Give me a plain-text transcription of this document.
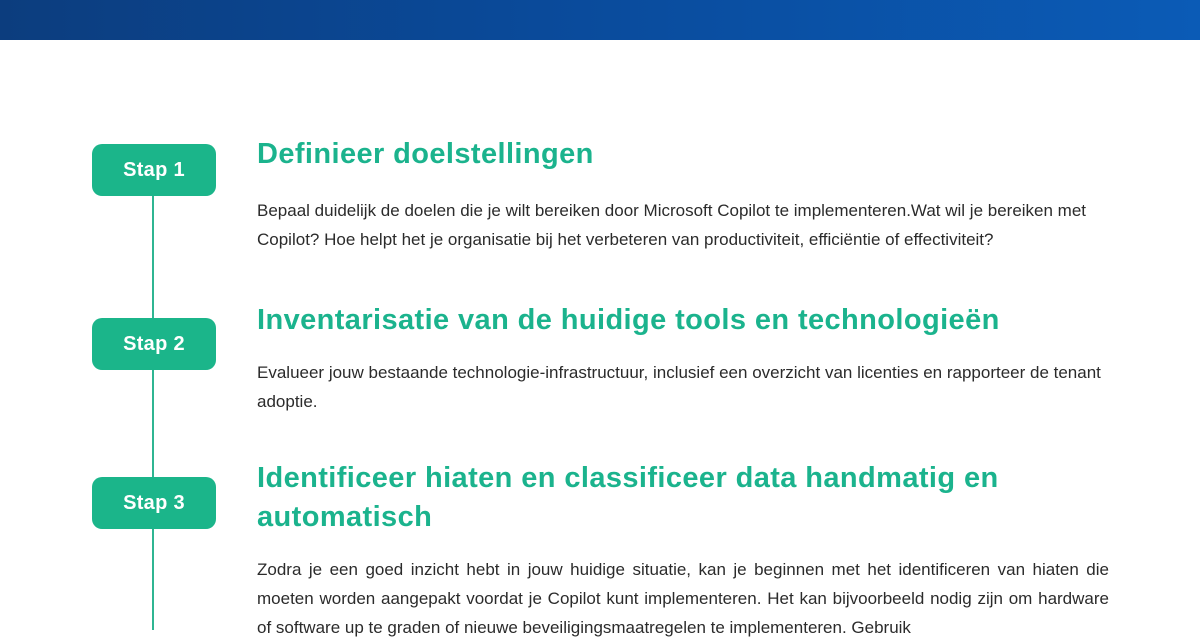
Stap 1	Definieer doelstellingen

Bepaal duidelijk de doelen die je wilt bereiken door Microsoft Copilot te implementeren.Wat wil je bereiken met Copilot? Hoe helpt het je organisatie bij het verbeteren van productiviteit, efficiëntie of effectiviteit?

Stap 2
Inventarisatie van de huidige tools en technologieën

Evalueer jouw bestaande technologie-infrastructuur, inclusief een overzicht van licenties en rapporteer de tenant adoptie.

Stap 3
Identificeer hiaten en classificeer data handmatig en automatisch

Zodra je een goed inzicht hebt in jouw huidige situatie, kan je beginnen met het identificeren van hiaten die moeten worden aangepakt voordat je Copilot kunt implementeren. Het kan bijvoorbeeld nodig zijn om hardware of software up te graden of nieuwe beveiligingsmaatregelen te implementeren. Gebruik
